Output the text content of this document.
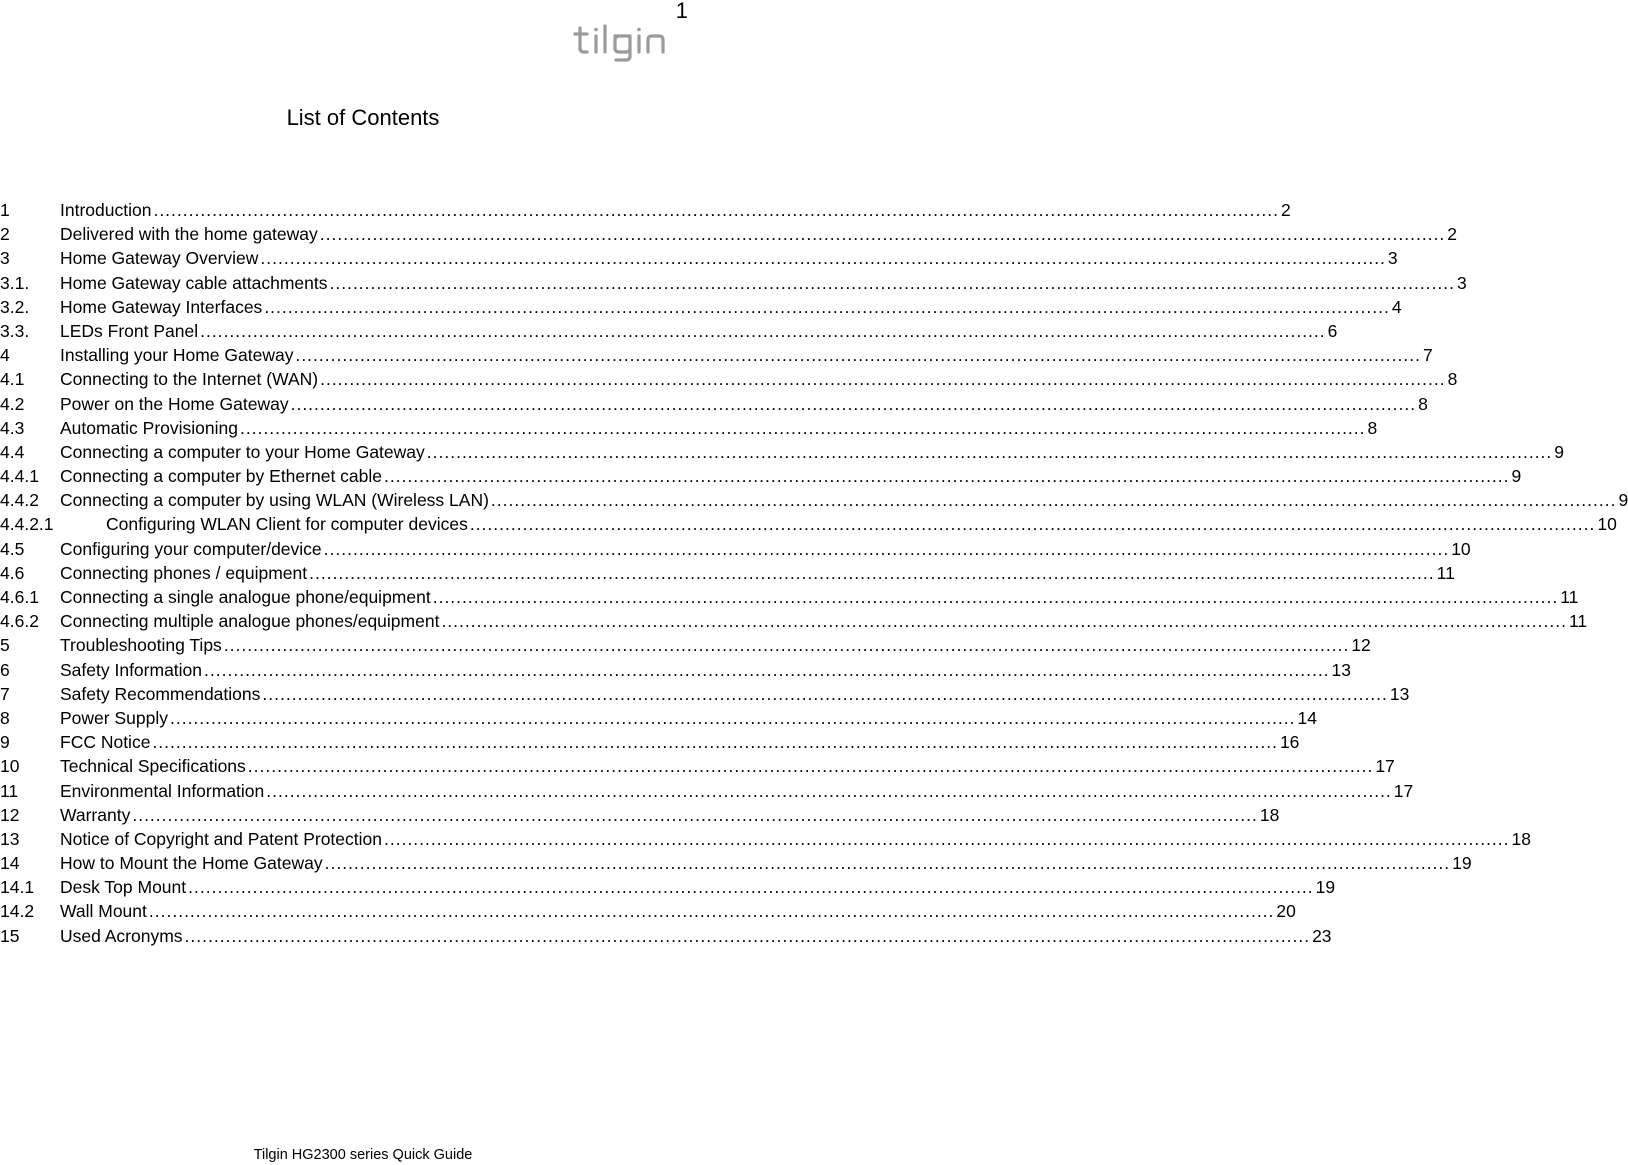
1
List of Contents
1	Introduction .....	2
2	Delivered with the home gateway .....	2
3	Home Gateway Overview .....	3
3.1.	Home Gateway cable attachments .....	3
3.2.	Home Gateway Interfaces .....	4
3.3.	LEDs Front Panel .....	6
4	Installing your Home Gateway .....	7
4.1	Connecting to the Internet (WAN) .....	8
4.2	Power on the Home Gateway .....	8
4.3	Automatic Provisioning .....	8
4.4	Connecting a computer to your Home Gateway .....	9
4.4.1	Connecting a computer by Ethernet cable .....	9
4.4.2	Connecting a computer by using WLAN (Wireless LAN) .....	9
4.4.2.1	Configuring WLAN Client for computer devices .....	10
4.5	Configuring your computer/device .....	10
4.6	Connecting phones / equipment .....	11
4.6.1	Connecting a single analogue phone/equipment .....	11
4.6.2	Connecting multiple analogue phones/equipment .....	11
5	Troubleshooting Tips .....	12
6	Safety Information .....	13
7	Safety Recommendations .....	13
8	Power Supply .....	14
9	FCC Notice .....	16
10	Technical Specifications .....	17
11	Environmental Information .....	17
12	Warranty .....	18
13	Notice of Copyright and Patent Protection .....	18
14	How to Mount the Home Gateway .....	19
14.1	Desk Top Mount .....	19
14.2	Wall Mount .....	20
15	Used Acronyms .....	23
Tilgin HG2300 series Quick Guide
